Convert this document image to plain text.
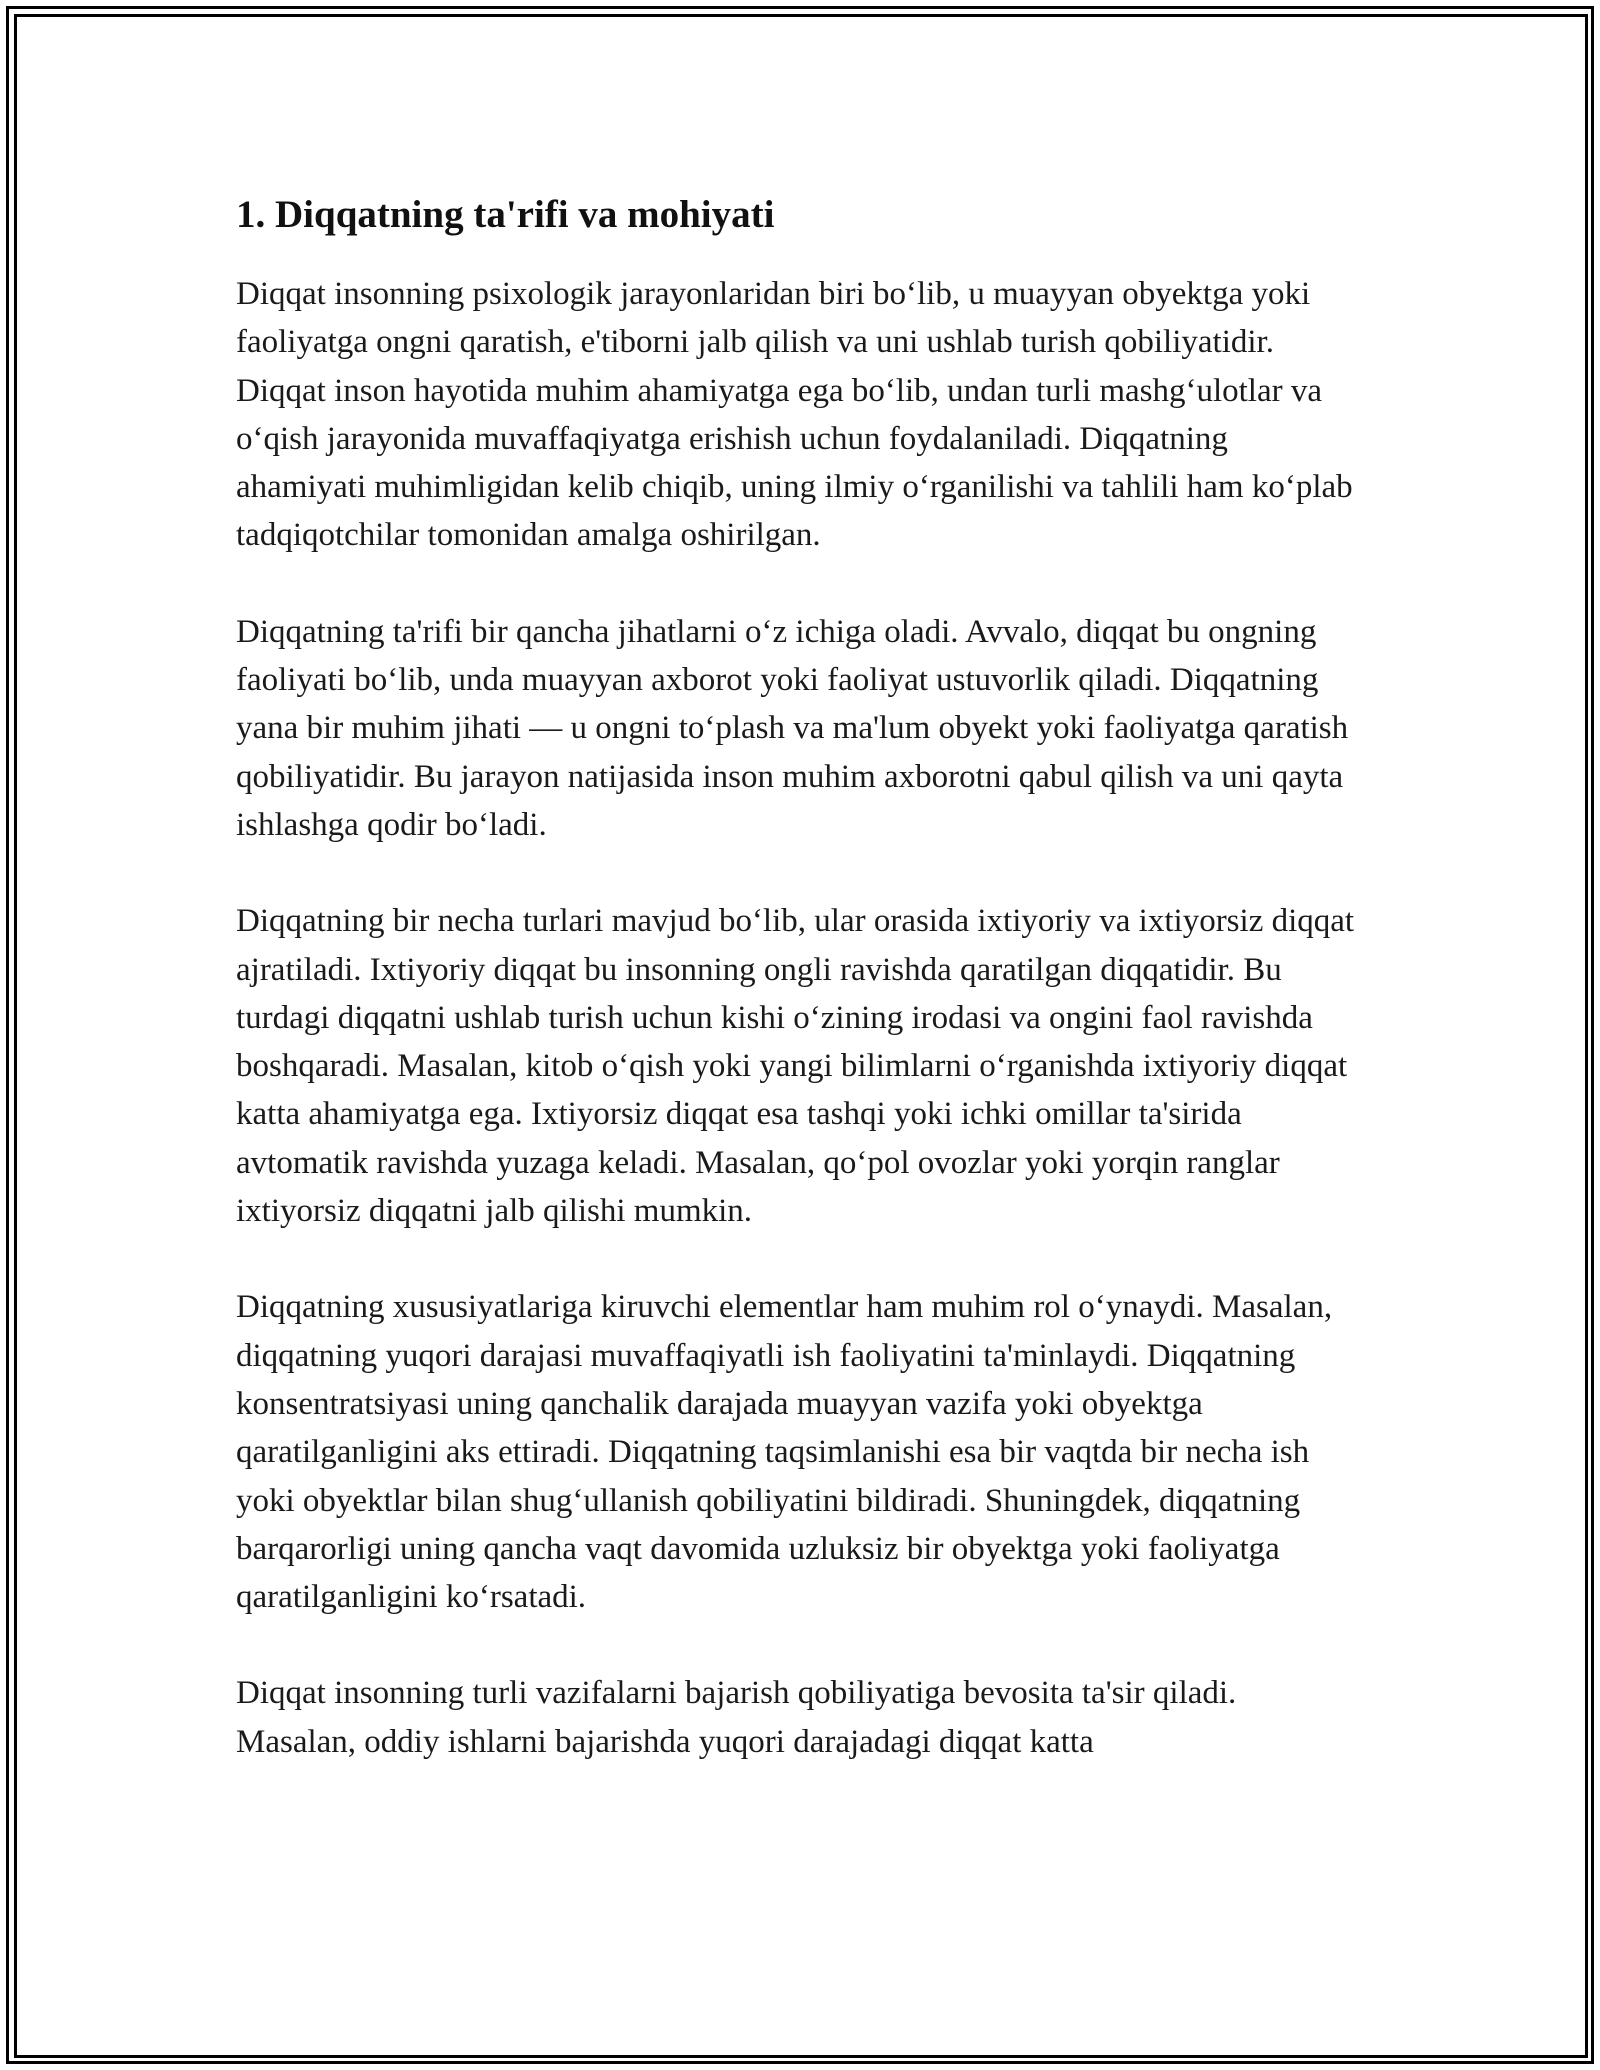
1. Diqqatning ta'rifi va mohiyati

Diqqat insonning psixologik jarayonlaridan biri bo‘lib, u muayyan obyektga yoki faoliyatga ongni qaratish, e'tiborni jalb qilish va uni ushlab turish qobiliyatidir. Diqqat inson hayotida muhim ahamiyatga ega bo‘lib, undan turli mashg‘ulotlar va o‘qish jarayonida muvaffaqiyatga erishish uchun foydalaniladi. Diqqatning ahamiyati muhimligidan kelib chiqib, uning ilmiy o‘rganilishi va tahlili ham ko‘plab tadqiqotchilar tomonidan amalga oshirilgan.

Diqqatning ta'rifi bir qancha jihatlarni o‘z ichiga oladi. Avvalo, diqqat bu ongning faoliyati bo‘lib, unda muayyan axborot yoki faoliyat ustuvorlik qiladi. Diqqatning yana bir muhim jihati — u ongni to‘plash va ma'lum obyekt yoki faoliyatga qaratish qobiliyatidir. Bu jarayon natijasida inson muhim axborotni qabul qilish va uni qayta ishlashga qodir bo‘ladi.

Diqqatning bir necha turlari mavjud bo‘lib, ular orasida ixtiyoriy va ixtiyorsiz diqqat ajratiladi. Ixtiyoriy diqqat bu insonning ongli ravishda qaratilgan diqqatidir. Bu turdagi diqqatni ushlab turish uchun kishi o‘zining irodasi va ongini faol ravishda boshqaradi. Masalan, kitob o‘qish yoki yangi bilimlarni o‘rganishda ixtiyoriy diqqat katta ahamiyatga ega. Ixtiyorsiz diqqat esa tashqi yoki ichki omillar ta'sirida avtomatik ravishda yuzaga keladi. Masalan, qo‘pol ovozlar yoki yorqin ranglar ixtiyorsiz diqqatni jalb qilishi mumkin.

Diqqatning xususiyatlariga kiruvchi elementlar ham muhim rol o‘ynaydi. Masalan, diqqatning yuqori darajasi muvaffaqiyatli ish faoliyatini ta'minlaydi. Diqqatning konsentratsiyasi uning qanchalik darajada muayyan vazifa yoki obyektga qaratilganligini aks ettiradi. Diqqatning taqsimlanishi esa bir vaqtda bir necha ish yoki obyektlar bilan shug‘ullanish qobiliyatini bildiradi. Shuningdek, diqqatning barqarorligi uning qancha vaqt davomida uzluksiz bir obyektga yoki faoliyatga qaratilganligini ko‘rsatadi.

Diqqat insonning turli vazifalarni bajarish qobiliyatiga bevosita ta'sir qiladi. Masalan, oddiy ishlarni bajarishda yuqori darajadagi diqqat katta
